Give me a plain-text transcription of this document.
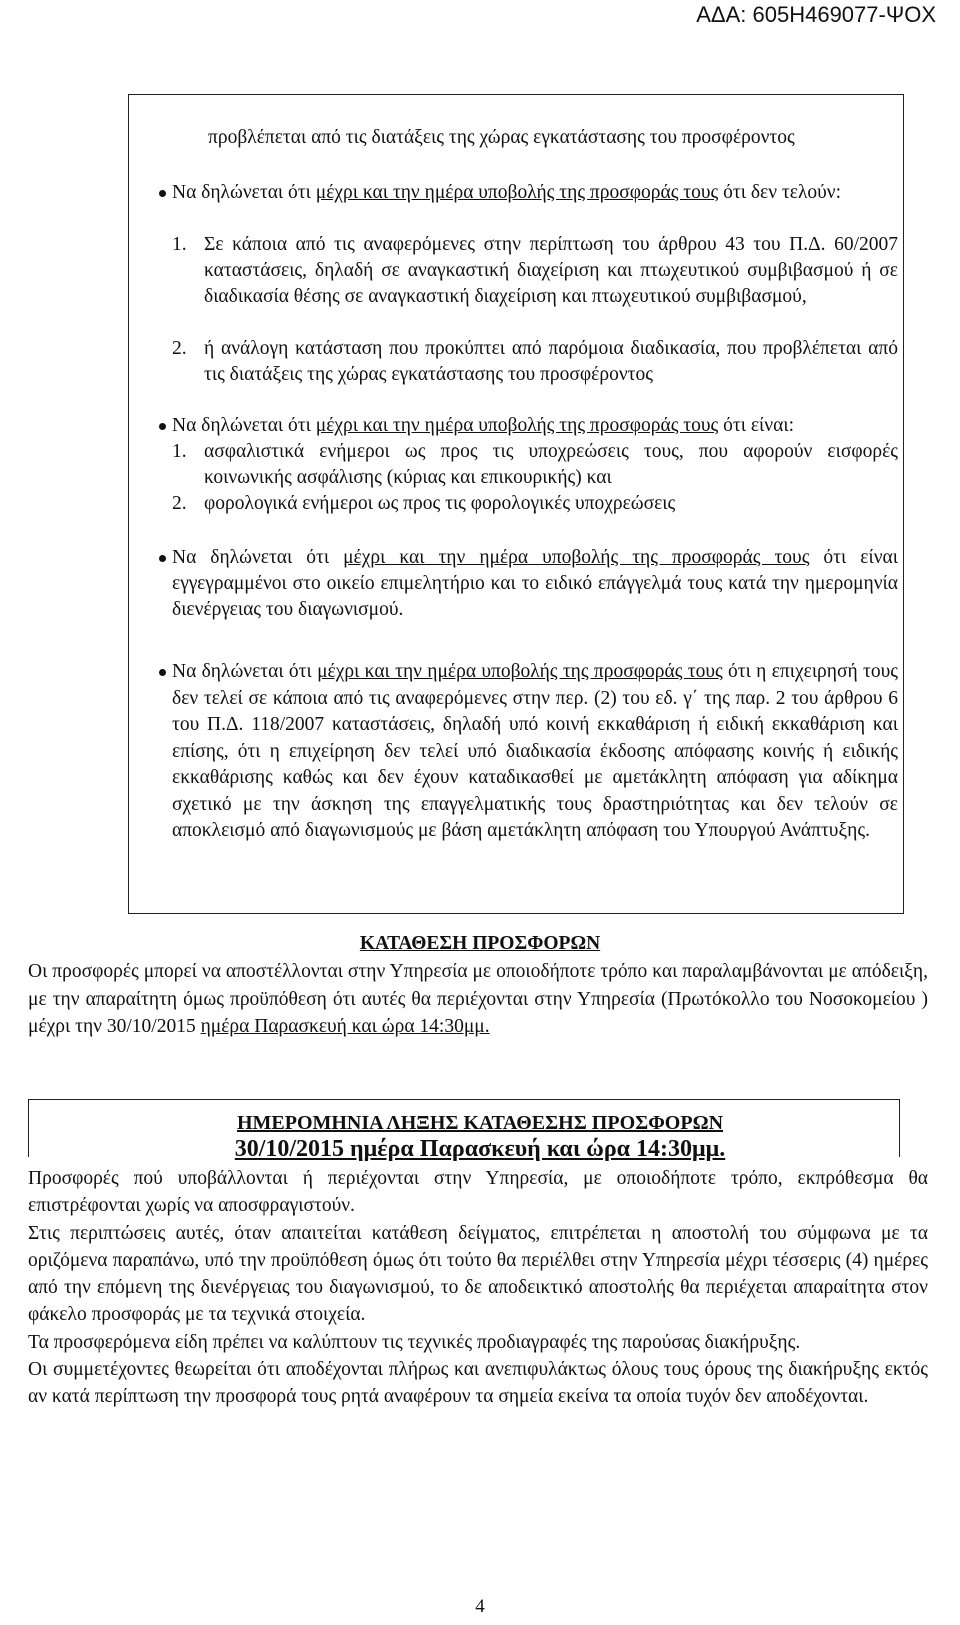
ΑΔΑ: 605Η469077-ΨΟΧ

προβλέπεται από τις διατάξεις της χώρας εγκατάστασης του προσφέροντος

Να δηλώνεται ότι μέχρι και την ημέρα υποβολής της προσφοράς τους ότι δεν τελούν:

1. Σε κάποια από τις αναφερόμενες στην περίπτωση του άρθρου 43 του Π.Δ. 60/2007 καταστάσεις, δηλαδή σε αναγκαστική διαχείριση και πτωχευτικού συμβιβασμού ή σε διαδικασία θέσης σε αναγκαστική διαχείριση και πτωχευτικού συμβιβασμού,

2. ή ανάλογη κατάσταση που προκύπτει από παρόμοια διαδικασία, που προβλέπεται από τις διατάξεις της χώρας εγκατάστασης του προσφέροντος

Να δηλώνεται ότι μέχρι και την ημέρα υποβολής της προσφοράς τους ότι είναι:

1. ασφαλιστικά ενήμεροι ως προς τις υποχρεώσεις τους, που αφορούν εισφορές κοινωνικής ασφάλισης (κύριας και επικουρικής) και

2. φορολογικά ενήμεροι ως προς τις φορολογικές υποχρεώσεις

Να δηλώνεται ότι μέχρι και την ημέρα υποβολής της προσφοράς τους ότι είναι εγγεγραμμένοι στο οικείο επιμελητήριο και το ειδικό επάγγελμά τους κατά την ημερομηνία διενέργειας του διαγωνισμού.

Να δηλώνεται ότι μέχρι και την ημέρα υποβολής της προσφοράς τους ότι η επιχειρησή τους δεν τελεί σε κάποια από τις αναφερόμενες στην περ. (2) του εδ. γ΄ της παρ. 2 του άρθρου 6 του Π.Δ. 118/2007 καταστάσεις, δηλαδή υπό κοινή εκκαθάριση ή ειδική εκκαθάριση και επίσης, ότι η επιχείρηση δεν τελεί υπό διαδικασία έκδοσης απόφασης κοινής ή ειδικής εκκαθάρισης καθώς και δεν έχουν καταδικασθεί με αμετάκλητη απόφαση για αδίκημα σχετικό με την άσκηση της επαγγελματικής τους δραστηριότητας και δεν τελούν σε αποκλεισμό από διαγωνισμούς με βάση αμετάκλητη απόφαση του Υπουργού Ανάπτυξης.

ΚΑΤΑΘΕΣΗ ΠΡΟΣΦΟΡΩΝ

Οι προσφορές μπορεί να αποστέλλονται στην Υπηρεσία με οποιοδήποτε τρόπο και παραλαμβάνονται με απόδειξη, με την απαραίτητη όμως προϋπόθεση ότι αυτές θα περιέχονται στην Υπηρεσία (Πρωτόκολλο του Νοσοκομείου ) μέχρι την 30/10/2015 ημέρα Παρασκευή και ώρα 14:30μμ.

ΗΜΕΡΟΜΗΝΙΑ ΛΗΞΗΣ ΚΑΤΑΘΕΣΗΣ ΠΡΟΣΦΟΡΩΝ

30/10/2015 ημέρα Παρασκευή και ώρα 14:30μμ.

Προσφορές πού υποβάλλονται ή περιέχονται στην Υπηρεσία, με οποιοδήποτε τρόπο, εκπρόθεσμα θα επιστρέφονται χωρίς να αποσφραγιστούν.

Στις περιπτώσεις αυτές, όταν απαιτείται κατάθεση δείγματος, επιτρέπεται η αποστολή του σύμφωνα με τα οριζόμενα παραπάνω, υπό την προϋπόθεση όμως ότι τούτο θα περιέλθει στην Υπηρεσία μέχρι τέσσερις (4) ημέρες από την επόμενη της διενέργειας του διαγωνισμού, το δε αποδεικτικό αποστολής θα περιέχεται απαραίτητα στον φάκελο προσφοράς με τα τεχνικά στοιχεία.

Τα προσφερόμενα είδη πρέπει να καλύπτουν τις τεχνικές προδιαγραφές της παρούσας διακήρυξης.

Οι συμμετέχοντες θεωρείται ότι αποδέχονται πλήρως και ανεπιφυλάκτως όλους τους όρους της διακήρυξης εκτός αν κατά περίπτωση την προσφορά τους ρητά αναφέρουν τα σημεία εκείνα τα οποία τυχόν δεν αποδέχονται.

4
